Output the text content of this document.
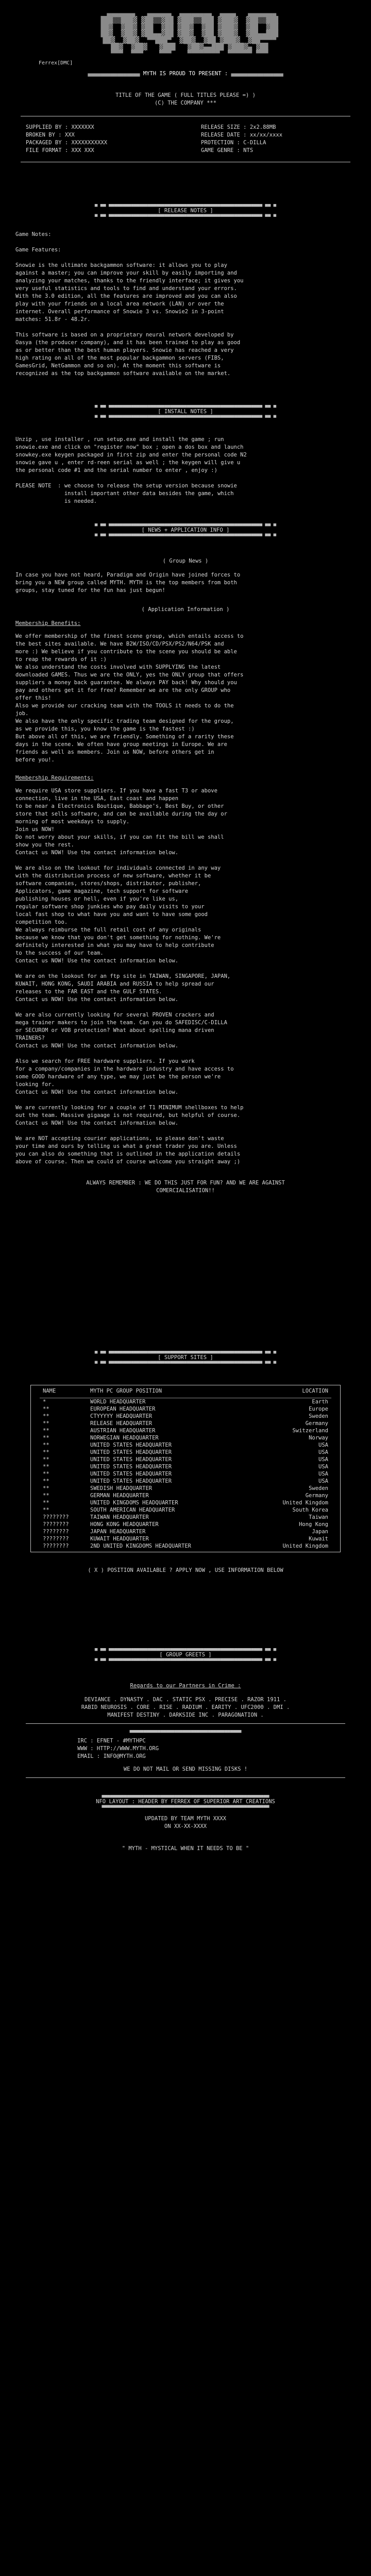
▄▄▄▄▄▄▄   ▄▄▄▄▄▄  ▄▄▄▄▄▄▄▄  ▄▄▄▄   ▄▄▄▄▄▄▄
███▒▒███▓ ▓██▒▒▓██ ▓███▒▒███ ▓███▓  ▓██▒▒███
██▓  ▓██▓ ▓██  ▓██ ▓██▓  ▓██ ▓███▓  ▓██  ▓██
██▓  ▓██▓ ▓██▄▄▓██ ▓██▓  ▓██ ▓███▓  ▓██▄▄███
██▓  ▓██▓  ▀▀███▀  ▓██▓  ▓██ ▓███▓  ▓██▀▀▀▀
██▓  ▓██▓   ▓███   ▓██▓▄▄███ ▓███▓▄ ▓██
▀▀▀  ▀▀▀    ▀▀▀    ▀▀▀▀▀▀▀▀  ▀▀▀▀▀▀ ▀▀▀
Ferrex[DMC]
▄▄▄▄▄▄▄▄▄▄▄▄▄▄▄▄ MYTH IS PROUD TO PRESENT : ▄▄▄▄▄▄▄▄▄▄▄▄▄▄▄▄
TITLE OF THE GAME ( FULL TITLES PLEASE =) )
(C) THE COMPANY ***
SUPPLIED BY : XXXXXXX	RELEASE SIZE : 2x2.88MB
BROKEN BY : XXX	RELEASE DATE : xx/xx/xxxx
PACKAGED BY : XXXXXXXXXXX	PROTECTION : C-DILLA
FILE FORMAT : XXX XXX	GAME GENRE : NTS
▄ ▄▄ ▄▄▄▄▄▄▄▄▄▄▄▄▄▄▄▄▄▄▄▄▄▄▄▄▄▄▄▄▄▄▄▄▄▄▄▄▄▄▄▄▄▄▄▄▄▄▄▄▄▄▄▄▄▄▄ ▄▄ ▄
[ RELEASE NOTES ]
▀ ▀▀ ▀▀▀▀▀▀▀▀▀▀▀▀▀▀▀▀▀▀▀▀▀▀▀▀▀▀▀▀▀▀▀▀▀▀▀▀▀▀▀▀▀▀▀▀▀▀▀▀▀▀▀▀▀▀▀ ▀▀ ▀
Game Notes:
Game Features:
Snowie is the ultimate backgammon software: it allows you to play
against a master; you can improve your skill by easily importing and
analyzing your matches, thanks to the friendly interface; it gives you
very useful statistics and tools to find and understand your errors.
With the 3.0 edition, all the features are improved and you can also
play with your friends on a local area network (LAN) or over the
internet. Overall performance of Snowie 3 vs. Snowie2 in 3-point
matches: 51.8r - 48.2r.
This software is based on a proprietary neural network developed by
Oasya (the producer company), and it has been trained to play as good
as or better than the best human players. Snowie has reached a very
high rating on all of the most popular backgammon servers (FIBS,
GamesGrid, NetGammon and so on). At the moment this software is
recognized as the top backgammon software available on the market.
▄ ▄▄ ▄▄▄▄▄▄▄▄▄▄▄▄▄▄▄▄▄▄▄▄▄▄▄▄▄▄▄▄▄▄▄▄▄▄▄▄▄▄▄▄▄▄▄▄▄▄▄▄▄▄▄▄▄▄▄ ▄▄ ▄
[ INSTALL NOTES ]
▀ ▀▀ ▀▀▀▀▀▀▀▀▀▀▀▀▀▀▀▀▀▀▀▀▀▀▀▀▀▀▀▀▀▀▀▀▀▀▀▀▀▀▀▀▀▀▀▀▀▀▀▀▀▀▀▀▀▀▀ ▀▀ ▀
Unzip , use installer , run setup.exe and install the game ; run
snowie.exe and click on "register now" box ; open a dos box and launch
snowkey.exe keygen packaged in first zip and enter the personal code N2
snowie gave u , enter rd-reen serial as well ; the keygen will give u
the personal code #1 and the serial number to enter , enjoy :)
PLEASE NOTE  : we choose to release the setup version because snowie
install important other data besides the game, which
is needed.
▄ ▄▄ ▄▄▄▄▄▄▄▄▄▄▄▄▄▄▄▄▄▄▄▄▄▄▄▄▄▄▄▄▄▄▄▄▄▄▄▄▄▄▄▄▄▄▄▄▄▄▄▄▄▄▄▄▄▄▄ ▄▄ ▄
[ NEWS + APPLICATION INFO ]
▀ ▀▀ ▀▀▀▀▀▀▀▀▀▀▀▀▀▀▀▀▀▀▀▀▀▀▀▀▀▀▀▀▀▀▀▀▀▀▀▀▀▀▀▀▀▀▀▀▀▀▀▀▀▀▀▀▀▀▀ ▀▀ ▀
( Group News )
In case you have not heard, Paradigm and Origin have joined forces to
bring you a NEW group called MYTH. MYTH is the top members from both
groups, stay tuned for the fun has just begun!
( Application Information )
Membership Benefits:
We offer membership of the finest scene group, which entails access to
the best sites available. We have B2W/ISO/CD/PSX/PS2/N64/PSK and
more :) We believe if you contribute to the scene you should be able
to reap the rewards of it :)
We also understand the costs involved with SUPPLYING the latest
downloaded GAMES. Thus we are the ONLY, yes the ONLY group that offers
suppliers a money back guarantee. We always PAY back! Why should you
pay and others get it for free? Remember we are the only GROUP who
offer this!
Also we provide our cracking team with the TOOLS it needs to do the
job.
We also have the only specific trading team designed for the group,
as we provide this, you know the game is the fastest :)
But above all of this, we are friendly. Something of a rarity these
days in the scene. We often have group meetings in Europe. We are
friends as well as members. Join us NOW, before others get in
before you!.
Membership Requirements:
We require USA store suppliers. If you have a fast T3 or above
connection, live in the USA, East coast and happen
to be near a Electronics Boutique, Babbage's, Best Buy, or other
store that sells software, and can be available during the day or
morning of most weekdays to supply.
Join us NOW!
Do not worry about your skills, if you can fit the bill we shall
show you the rest.
Contact us NOW! Use the contact information below.

We are also on the lookout for individuals connected in any way
with the distribution process of new software, whether it be
software companies, stores/shops, distributor, publisher,
Applicators, game magazine, tech support for software
publishing houses or hell, even if you're like us,
regular software shop junkies who pay daily visits to your
local fast shop to what have you and want to have some good
competition too.
We always reimburse the full retail cost of any originals
because we know that you don't get something for nothing. We're
definitely interested in what you may have to help contribute
to the success of our team.
Contact us NOW! Use the contact information below.

We are on the lookout for an ftp site in TAIWAN, SINGAPORE, JAPAN,
KUWAIT, HONG KONG, SAUDI ARABIA and RUSSIA to help spread our
releases to the FAR EAST and the GULF STATES.
Contact us NOW! Use the contact information below.

We are also currently looking for several PROVEN crackers and
mega trainer makers to join the team. Can you do SAFEDISC/C-DILLA
or SECUROM or VOB protection? What about spelling mana driven
TRAINERS?
Contact us NOW! Use the contact information below.

Also we search for FREE hardware suppliers. If you work
for a company/companies in the hardware industry and have access to
some GOOD hardware of any type, we may just be the person we're
looking for.
Contact us NOW! Use the contact information below.

We are currently looking for a couple of T1 MINIMUM shellboxes to help
out the team. Massive gigaage is not required, but helpful of course.
Contact us NOW! Use the contact information below.

We are NOT accepting courier applications, so please don't waste
your time and ours by telling us what a great trader you are. Unless
you can also do something that is outlined in the application details
above of course. Then we could of course welcome you straight away ;)
ALWAYS REMEMBER : WE DO THIS JUST FOR FUN? AND WE ARE AGAINST
COMERCIALISATION!!
▄ ▄▄ ▄▄▄▄▄▄▄▄▄▄▄▄▄▄▄▄▄▄▄▄▄▄▄▄▄▄▄▄▄▄▄▄▄▄▄▄▄▄▄▄▄▄▄▄▄▄▄▄▄▄▄▄▄▄▄ ▄▄ ▄
[ SUPPORT SITES ]
▀ ▀▀ ▀▀▀▀▀▀▀▀▀▀▀▀▀▀▀▀▀▀▀▀▀▀▀▀▀▀▀▀▀▀▀▀▀▀▀▀▀▀▀▀▀▀▀▀▀▀▀▀▀▀▀▀▀▀▀ ▀▀ ▀
NAME	MYTH PC GROUP POSITION	LOCATION

*	WORLD HEADQUARTER	Earth
**	EUROPEAN HEADQUARTER	Europe
**	CTYYYYY HEADQUARTER	Sweden
**	RELEASE HEADQUARTER	Germany
**	AUSTRIAN HEADQUARTER	Switzerland
**	NORWEGIAN HEADQUARTER	Norway
**	UNITED STATES HEADQUARTER	USA
**	UNITED STATES HEADQUARTER	USA
**	UNITED STATES HEADQUARTER	USA
**	UNITED STATES HEADQUARTER	USA
**	UNITED STATES HEADQUARTER	USA
**	UNITED STATES HEADQUARTER	USA
**	SWEDISH HEADQUARTER	Sweden
**	GERMAN HEADQUARTER	Germany
**	UNITED KINGDOMS HEADQUARTER	United Kingdom
**	SOUTH AMERICAN HEADQUARTER	South Korea
????????	TAIWAN HEADQUARTER	Taiwan
????????	HONG KONG HEADQUARTER	Hong Kong
????????	JAPAN HEADQUARTER	Japan
????????	KUWAIT HEADQUARTER	Kuwait
????????	2ND UNITED KINGDOMS HEADQUARTER	United Kingdom
( X ) POSITION AVAILABLE ? APPLY NOW , USE INFORMATION BELOW
▄ ▄▄ ▄▄▄▄▄▄▄▄▄▄▄▄▄▄▄▄▄▄▄▄▄▄▄▄▄▄▄▄▄▄▄▄▄▄▄▄▄▄▄▄▄▄▄▄▄▄▄▄▄▄▄▄▄▄▄ ▄▄ ▄
[ GROUP GREETS ]
▀ ▀▀ ▀▀▀▀▀▀▀▀▀▀▀▀▀▀▀▀▀▀▀▀▀▀▀▀▀▀▀▀▀▀▀▀▀▀▀▀▀▀▀▀▀▀▀▀▀▀▀▀▀▀▀▀▀▀▀ ▀▀ ▀
Regards to our Partners in Crime :
DEVIANCE . DYNASTY . DAC . STATIC PSX . PRECISE . RAZOR 1911 .
RABID NEUROSIS . CORE . RISE . RADIUM . EARITY . UFC2000 . DMI .
MANIFEST DESTINY . DARKSIDE INC . PARAGONATION .
▄▄▄▄▄▄▄▄▄▄▄▄▄▄▄▄▄▄▄▄▄▄▄▄▄▄▄▄▄▄▄▄▄▄▄▄▄▄▄▄
IRC : EFNET - #MYTHPC
WWW : HTTP://WWW.MYTH.ORG
EMAIL : INFO@MYTH.ORG
WE DO NOT MAIL OR SEND MISSING DISKS !
▄▄▄▄▄▄▄▄▄▄▄▄▄▄▄▄▄▄▄▄▄▄▄▄▄▄▄▄▄▄▄▄▄▄▄▄▄▄▄▄▄▄▄▄▄▄▄▄▄▄▄▄▄▄▄▄▄▄▄▄
NFO LAYOUT : HEADER BY FERREX OF SUPERIOR ART CREATIONS
▀▀▀▀▀▀▀▀▀▀▀▀▀▀▀▀▀▀▀▀▀▀▀▀▀▀▀▀▀▀▀▀▀▀▀▀▀▀▀▀▀▀▀▀▀▀▀▀▀▀▀▀▀▀▀▀▀▀▀▀
UPDATED BY TEAM MYTH XXXX
ON XX-XX-XXXX
" MYTH - MYSTICAL WHEN IT NEEDS TO BE "
